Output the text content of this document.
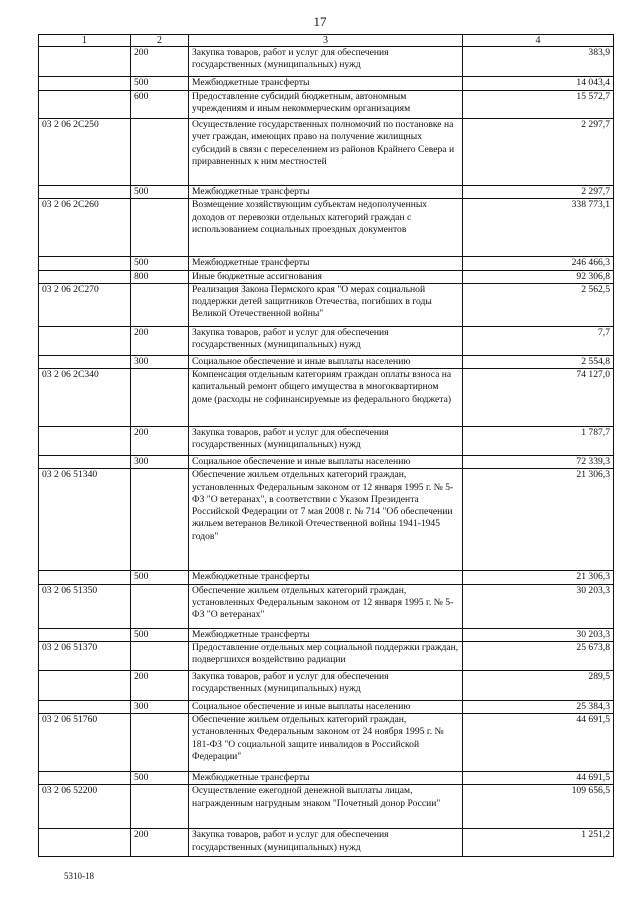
17
1	2	3	4
	200	Закупка товаров, работ и услуг для обеспечения государственных (муниципальных) нужд	383,9
	500	Межбюджетные трансферты	14 043,4
	600	Предоставление субсидий бюджетным, автономным учреждениям и иным некоммерческим организациям	15 572,7
03 2 06 2C250		Осуществление государственных полномочий по постановке на учет граждан, имеющих право на получение жилищных субсидий в связи с переселением из районов Крайнего Севера и приравненных к ним местностей	2 297,7
	500	Межбюджетные трансферты	2 297,7
03 2 06 2C260		Возмещение хозяйствующим субъектам недополученных доходов от перевозки отдельных категорий граждан с использованием социальных проездных документов	338 773,1
	500	Межбюджетные трансферты	246 466,3
	800	Иные бюджетные ассигнования	92 306,8
03 2 06 2C270		Реализация Закона Пермского края "О мерах социальной поддержки детей защитников Отечества, погибших в годы Великой Отечественной войны"	2 562,5
	200	Закупка товаров, работ и услуг для обеспечения государственных (муниципальных) нужд	7,7
	300	Социальное обеспечение и иные выплаты населению	2 554,8
03 2 06 2C340		Компенсация отдельным категориям граждан оплаты взноса на капитальный ремонт общего имущества в многоквартирном доме (расходы не софинансируемые из федерального бюджета)	74 127,0
	200	Закупка товаров, работ и услуг для обеспечения государственных (муниципальных) нужд	1 787,7
	300	Социальное обеспечение и иные выплаты населению	72 339,3
03 2 06 51340		Обеспечение жильем отдельных категорий граждан, установленных Федеральным законом от 12 января 1995 г. № 5-ФЗ "О ветеранах", в соответствии с Указом Президента Российской Федерации от 7 мая 2008 г. № 714 "Об обеспечении жильем ветеранов Великой Отечественной войны 1941-1945 годов"	21 306,3
	500	Межбюджетные трансферты	21 306,3
03 2 06 51350		Обеспечение жильем отдельных категорий граждан, установленных Федеральным законом от 12 января 1995 г. № 5-ФЗ "О ветеранах"	30 203,3
	500	Межбюджетные трансферты	30 203,3
03 2 06 51370		Предоставление отдельных мер социальной поддержки граждан, подвергшихся воздействию радиации	25 673,8
	200	Закупка товаров, работ и услуг для обеспечения государственных (муниципальных) нужд	289,5
	300	Социальное обеспечение и иные выплаты населению	25 384,3
03 2 06 51760		Обеспечение жильем отдельных категорий граждан, установленных Федеральным законом от 24 ноября 1995 г. № 181-ФЗ "О социальной защите инвалидов в Российской Федерации"	44 691,5
	500	Межбюджетные трансферты	44 691,5
03 2 06 52200		Осуществление ежегодной денежной выплаты лицам, награжденным нагрудным знаком "Почетный донор России"	109 656,5
	200	Закупка товаров, работ и услуг для обеспечения государственных (муниципальных) нужд	1 251,2
5310-18
